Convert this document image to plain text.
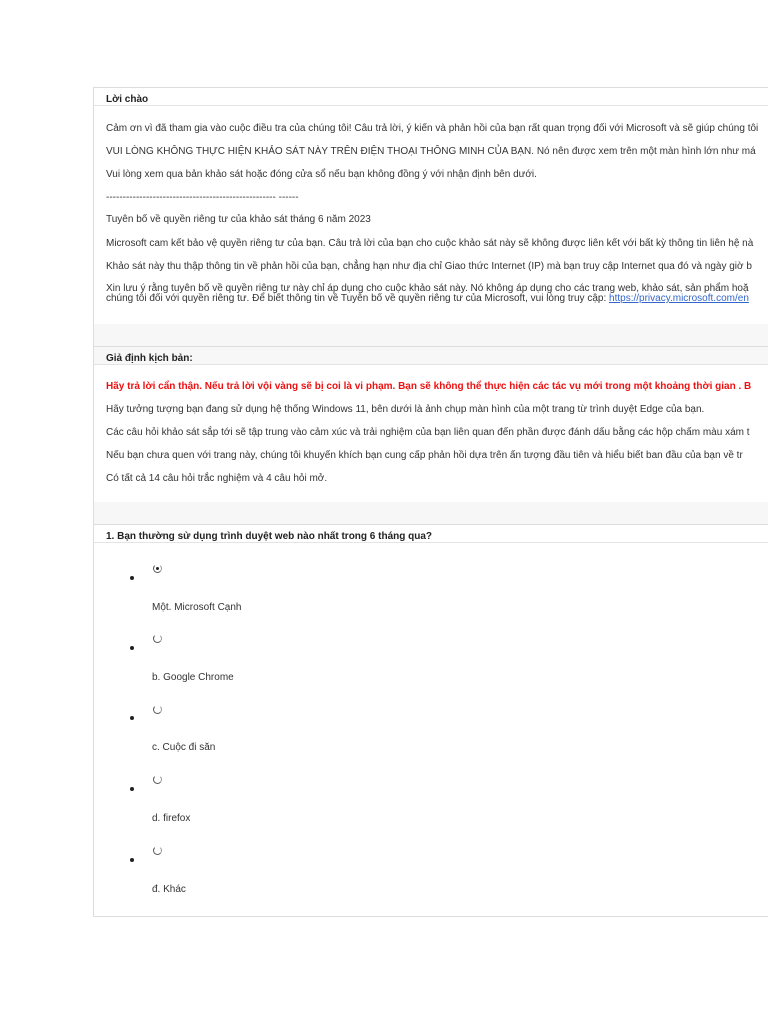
Lời chào
Cảm ơn vì đã tham gia vào cuộc điều tra của chúng tôi! Câu trả lời, ý kiến và phản hồi của bạn rất quan trọng đối với Microsoft và sẽ giúp chúng tôi
VUI LÒNG KHÔNG THỰC HIỆN KHẢO SÁT NÀY TRÊN ĐIỆN THOẠI THÔNG MINH CỦA BẠN. Nó nên được xem trên một màn hình lớn như má
Vui lòng xem qua bản khảo sát hoặc đóng cửa sổ nếu bạn không đồng ý với nhận định bên dưới.
--------------------------------------------------- ------
Tuyên bố về quyền riêng tư của khảo sát tháng 6 năm 2023
Microsoft cam kết bảo vệ quyền riêng tư của bạn. Câu trả lời của bạn cho cuộc khảo sát này sẽ không được liên kết với bất kỳ thông tin liên hệ nà
Khảo sát này thu thập thông tin về phản hồi của bạn, chẳng hạn như địa chỉ Giao thức Internet (IP) mà bạn truy cập Internet qua đó và ngày giờ b
Xin lưu ý rằng tuyên bố về quyền riêng tư này chỉ áp dụng cho cuộc khảo sát này. Nó không áp dụng cho các trang web, khảo sát, sản phẩm hoặ
chúng tôi đối với quyền riêng tư. Để biết thông tin về Tuyên bố về quyền riêng tư của Microsoft, vui lòng truy cập: https://privacy.microsoft.com/en
Giả định kịch bản:
Hãy trả lời cẩn thận. Nếu trả lời vội vàng sẽ bị coi là vi phạm. Bạn sẽ không thể thực hiện các tác vụ mới trong một khoảng thời gian . B
Hãy tưởng tượng bạn đang sử dụng hệ thống Windows 11, bên dưới là ảnh chụp màn hình của một trang từ trình duyệt Edge của bạn.
Các câu hỏi khảo sát sắp tới sẽ tập trung vào cảm xúc và trải nghiệm của bạn liên quan đến phần được đánh dấu bằng các hộp chấm màu xám t
Nếu bạn chưa quen với trang này, chúng tôi khuyến khích bạn cung cấp phản hồi dựa trên ấn tượng đầu tiên và hiểu biết ban đầu của bạn về tr
Có tất cả 14 câu hỏi trắc nghiệm và 4 câu hỏi mở.
1. Bạn thường sử dụng trình duyệt web nào nhất trong 6 tháng qua?
Một. Microsoft Cạnh
b. Google Chrome
c. Cuộc đi săn
d. firefox
đ. Khác
